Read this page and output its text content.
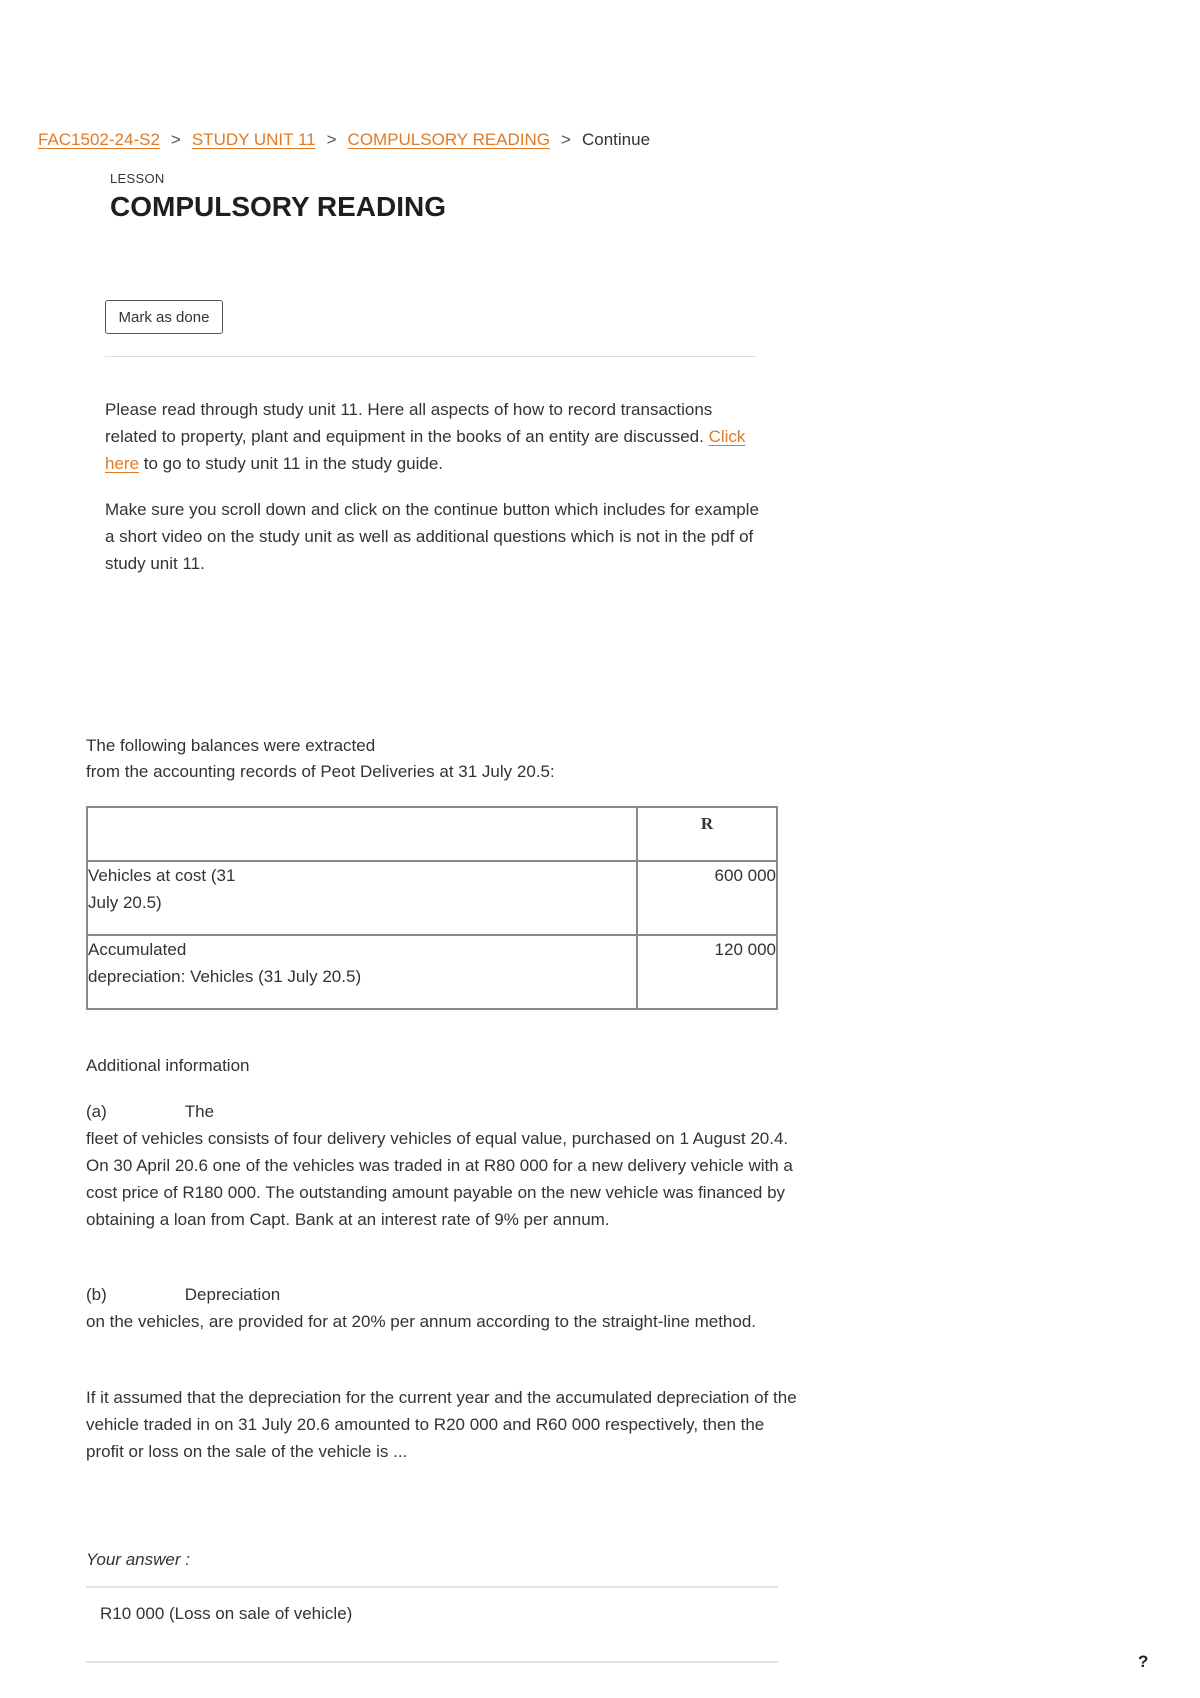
FAC1502-24-S2 > STUDY UNIT 11 > COMPULSORY READING > Continue
LESSON
COMPULSORY READING
Mark as done

Please read through study unit 11. Here all aspects of how to record transactions related to property, plant and equipment in the books of an entity are discussed. Click here to go to study unit 11 in the study guide.

Make sure you scroll down and click on the continue button which includes for example a short video on the study unit as well as additional questions which is not in the pdf of study unit 11.

The following balances were extracted
from the accounting records of Peot Deliveries at 31 July 20.5:

	R
Vehicles at cost (31
July 20.5)	600 000
Accumulated
depreciation: Vehicles (31 July 20.5)	120 000
Additional information

(a)	The
fleet of vehicles consists of four delivery vehicles of equal value, purchased on 1 August 20.4. On 30 April 20.6 one of the vehicles was traded in at R80 000 for a new delivery vehicle with a cost price of R180 000. The outstanding amount payable on the new vehicle was financed by obtaining a loan from Capt. Bank at an interest rate of 9% per annum.

(b)	Depreciation
on the vehicles, are provided for at 20% per annum according to the straight-line method.

If it assumed that the depreciation for the current year and the accumulated depreciation of the vehicle traded in on 31 July 20.6 amounted to R20 000 and R60 000 respectively, then the profit or loss on the sale of the vehicle is ...

Your answer :
R10 000 (Loss on sale of vehicle)
?
